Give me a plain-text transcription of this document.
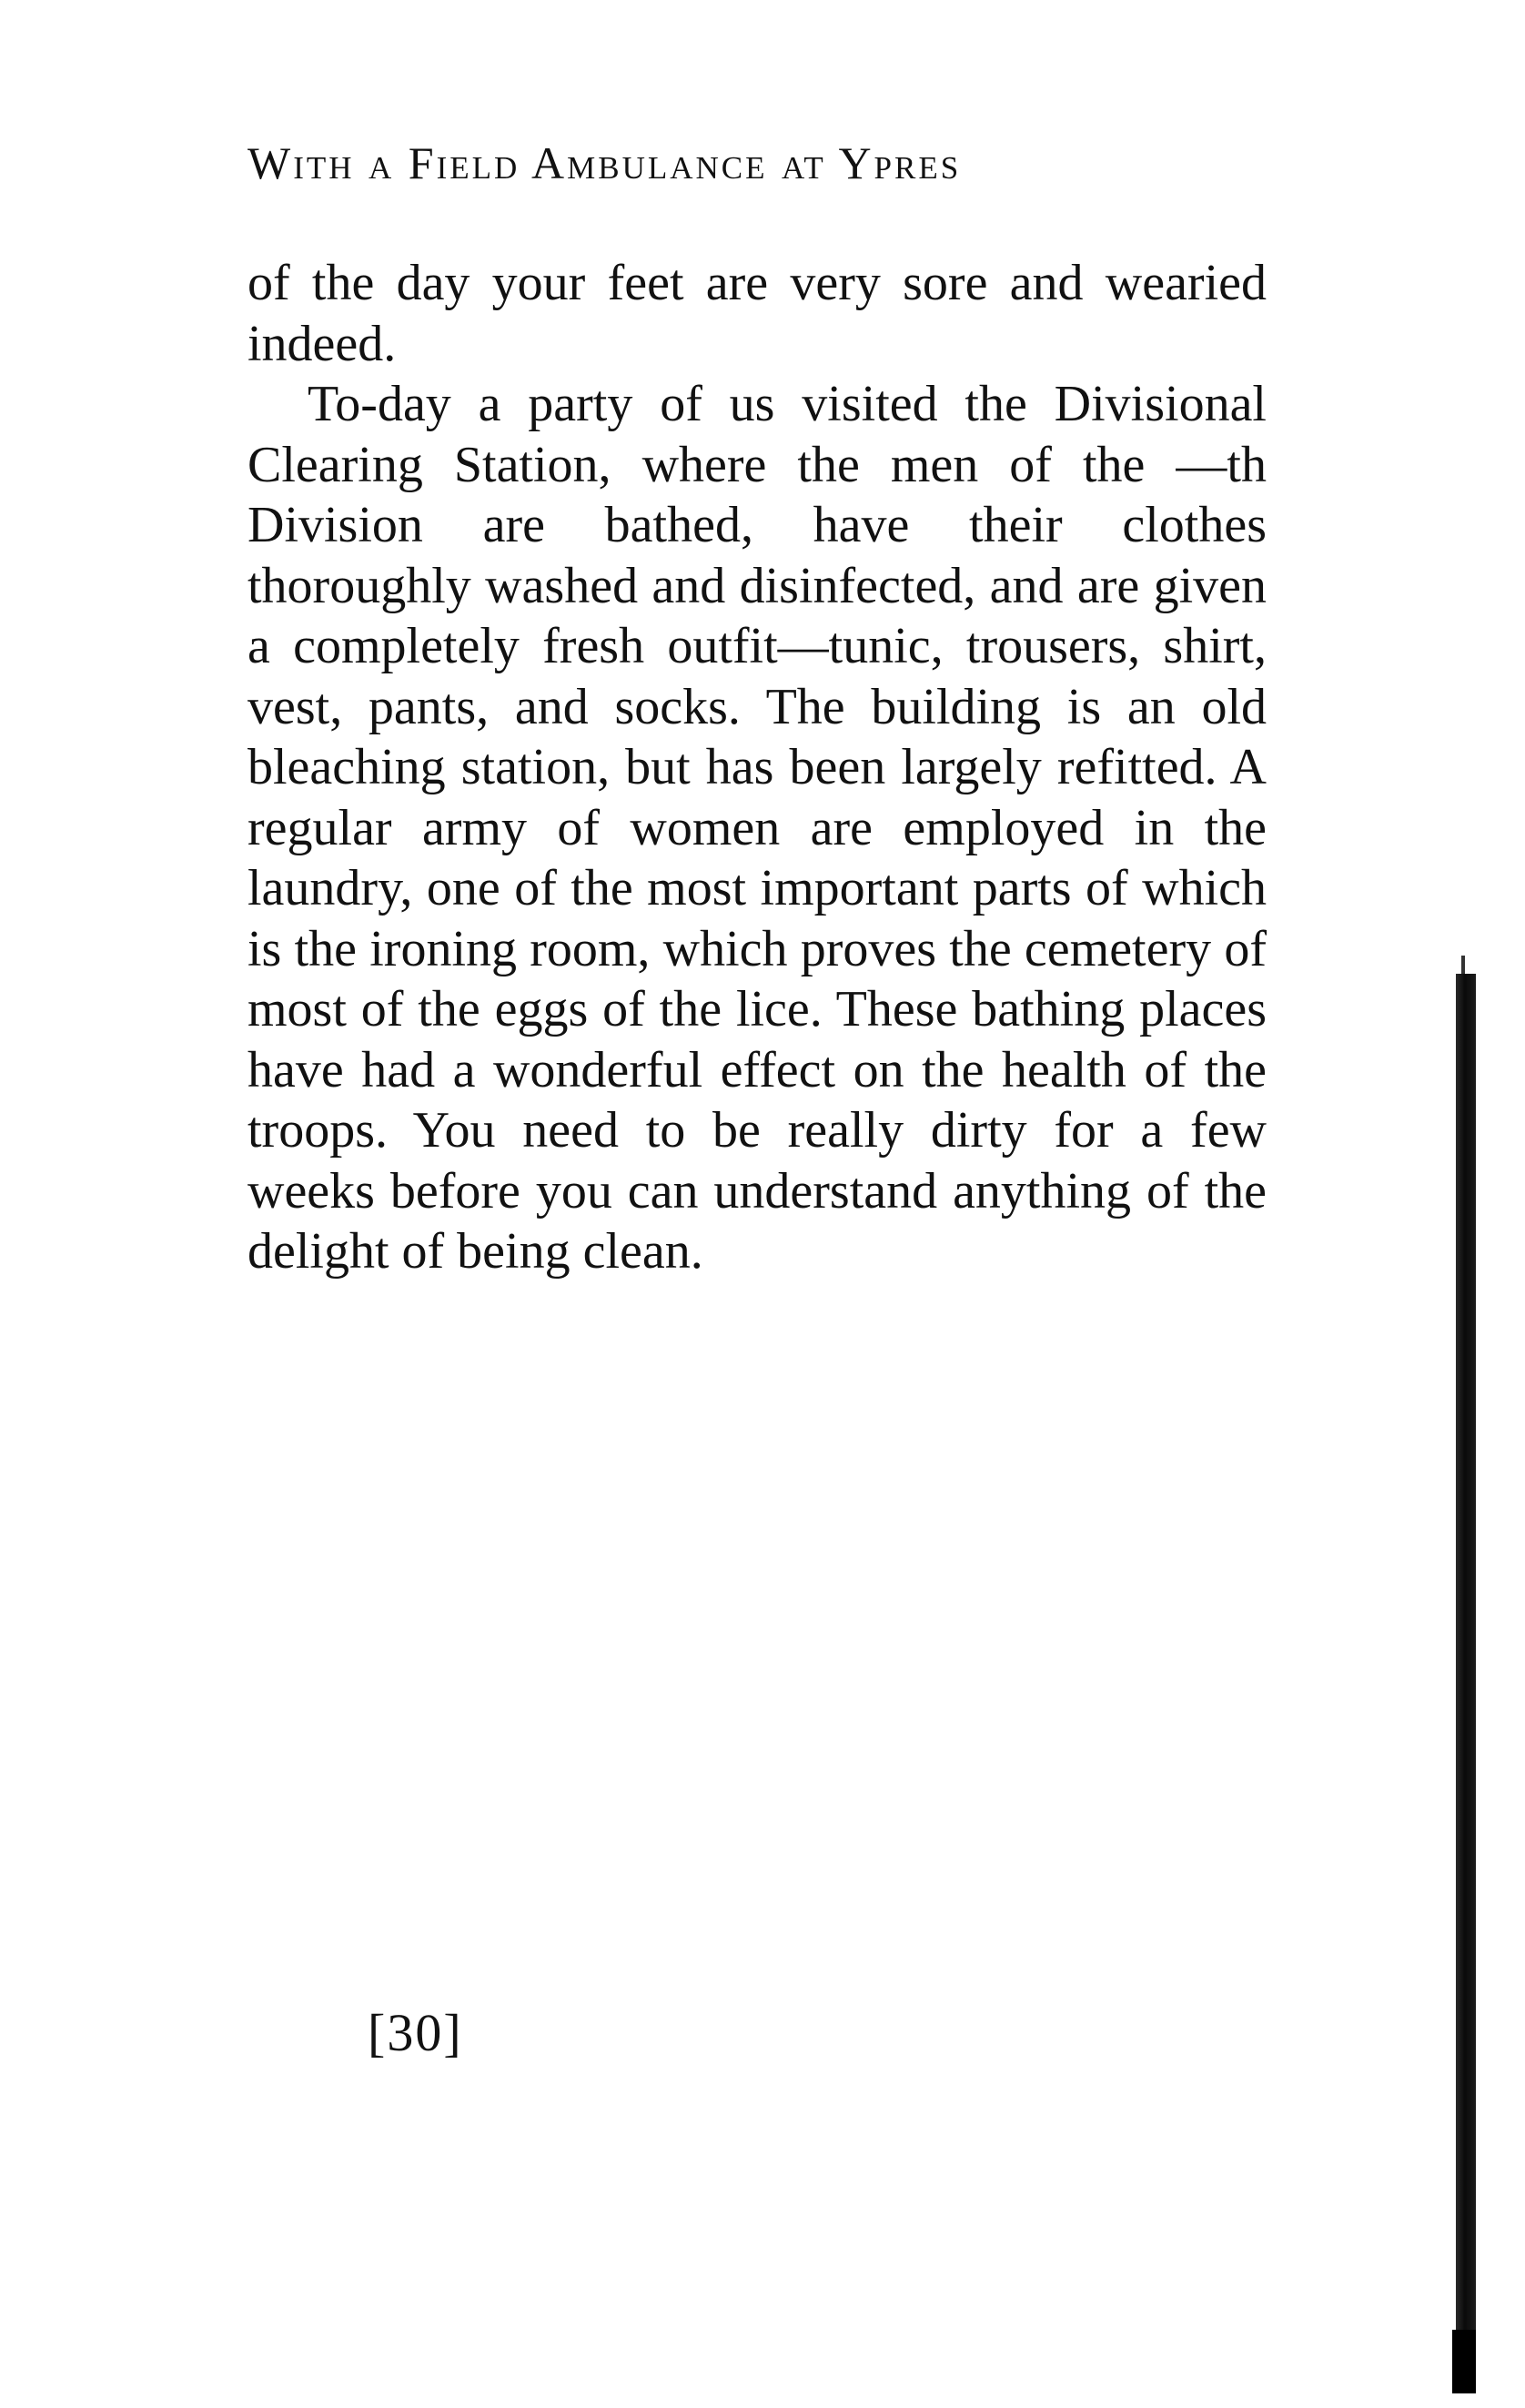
With a Field Ambulance at Ypres

of the day your feet are very sore and wearied indeed.

To-day a party of us visited the Divisional Clearing Station, where the men of the —th Division are bathed, have their clothes thoroughly washed and disinfected, and are given a completely fresh outfit—tunic, trousers, shirt, vest, pants, and socks. The building is an old bleaching station, but has been largely refitted. A regular army of women are employed in the laundry, one of the most important parts of which is the ironing room, which proves the cemetery of most of the eggs of the lice. These bathing places have had a wonderful effect on the health of the troops. You need to be really dirty for a few weeks before you can understand anything of the delight of being clean.

[30]
